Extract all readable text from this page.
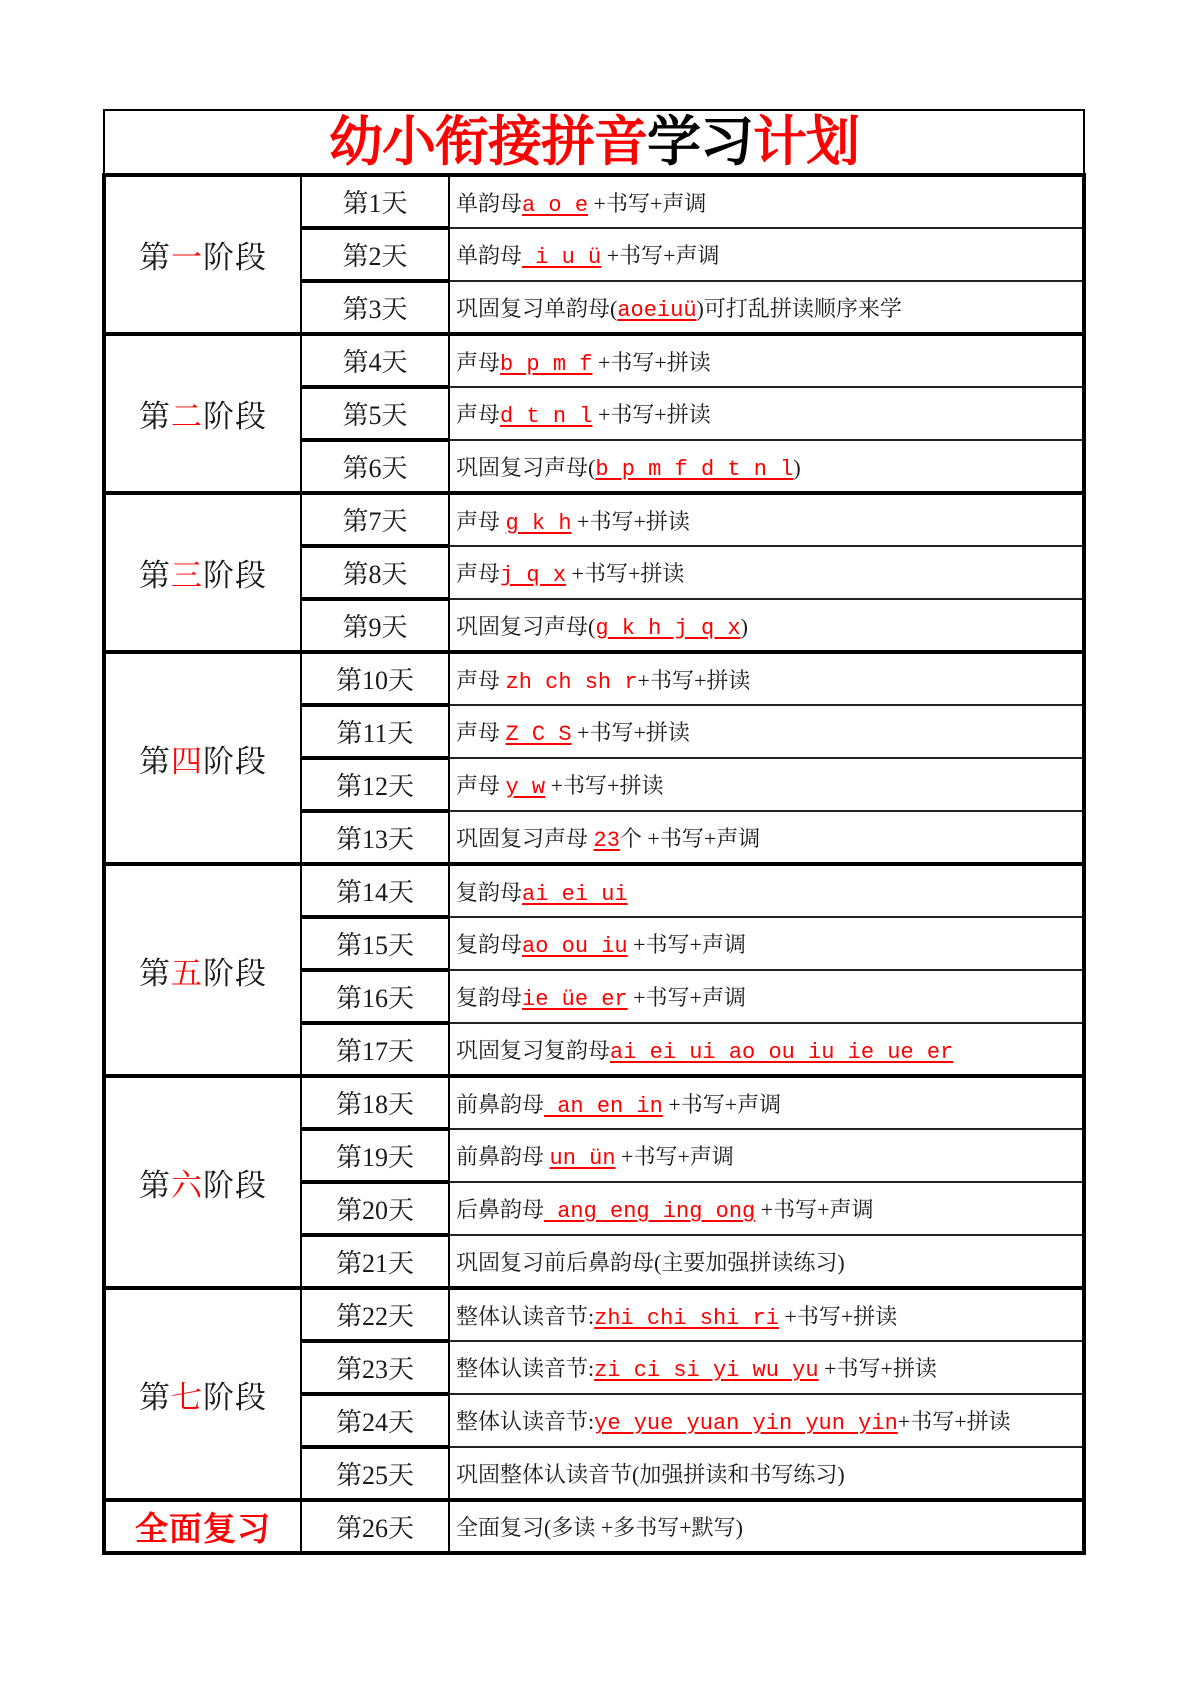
幼小衔接拼音学习计划		
第一阶段	第1天	单韵母a o e +书写+声调
	第2天	单韵母 i u ü +书写+声调
	第3天	巩固复习单韵母(aoeiuü)可打乱拼读顺序来学
第二阶段	第4天	声母b p m f +书写+拼读
	第5天	声母d t n l +书写+拼读
	第6天	巩固复习声母(b p m f d t n l)
第三阶段	第7天	声母 g k h +书写+拼读
	第8天	声母j q x +书写+拼读
	第9天	巩固复习声母(g k h j q x)
第四阶段	第10天	声母 zh ch sh r+书写+拼读
	第11天	声母 Z C S +书写+拼读
	第12天	声母 y w +书写+拼读
	第13天	巩固复习声母 23个 +书写+声调
第五阶段	第14天	复韵母ai ei ui
	第15天	复韵母ao ou iu +书写+声调
	第16天	复韵母ie üe er +书写+声调
	第17天	巩固复习复韵母ai ei ui ao ou iu ie ue er
第六阶段	第18天	前鼻韵母 an en in +书写+声调
	第19天	前鼻韵母 un ün +书写+声调
	第20天	后鼻韵母 ang eng ing ong +书写+声调
	第21天	巩固复习前后鼻韵母(主要加强拼读练习)
第七阶段	第22天	整体认读音节:zhi chi shi ri +书写+拼读
	第23天	整体认读音节:zi ci si yi wu yu +书写+拼读
	第24天	整体认读音节:ye yue yuan yin yun yin+书写+拼读
	第25天	巩固整体认读音节(加强拼读和书写练习)
全面复习	第26天	全面复习(多读 +多书写+默写)
